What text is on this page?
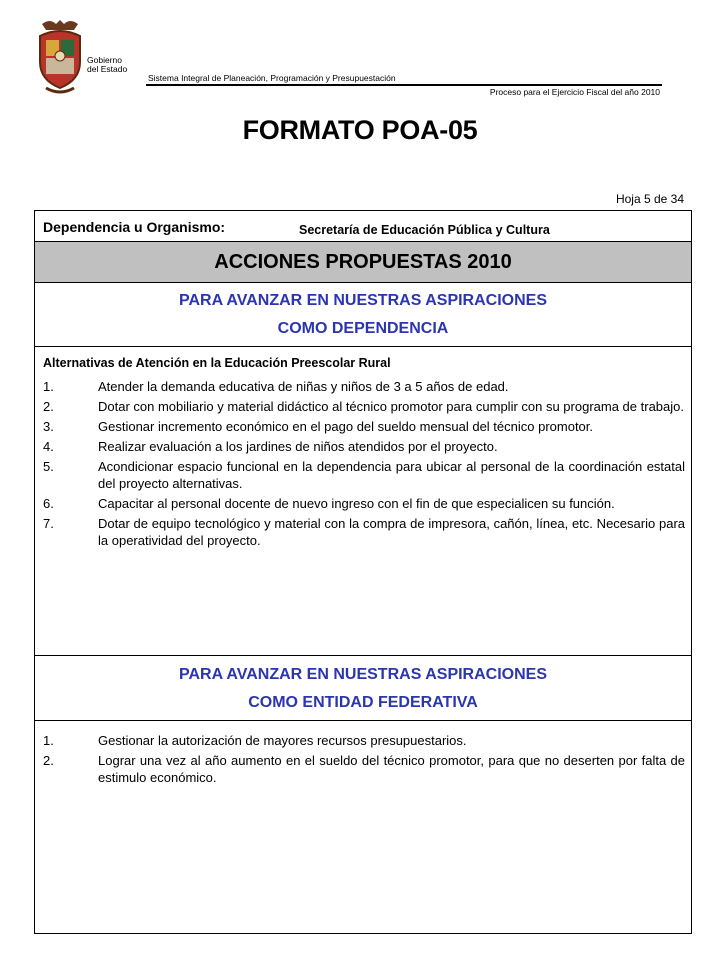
Gobierno
del Estado
Sistema Integral de Planeación, Programación y Presupuestación
Proceso para el Ejercicio Fiscal del año 2010
FORMATO POA-05
Hoja 5 de 34
Dependencia u Organismo:	Secretaría de Educación Pública y Cultura
ACCIONES PROPUESTAS 2010
PARA AVANZAR EN NUESTRAS ASPIRACIONES
COMO DEPENDENCIA
Alternativas de Atención en la Educación Preescolar Rural
1.	Atender la demanda educativa de niñas y niños de 3 a 5 años de edad.
2.	Dotar con mobiliario y material didáctico al técnico promotor para cumplir con su programa de trabajo.
3.	Gestionar incremento económico en el pago del sueldo mensual del técnico promotor.
4.	Realizar evaluación a los jardines de niños atendidos por el proyecto.
5.	Acondicionar espacio funcional en la dependencia para ubicar al personal de la coordinación estatal del proyecto alternativas.
6.	Capacitar al personal docente de nuevo ingreso con el fin de que especialicen su función.
7.	Dotar de equipo tecnológico y material con la compra de impresora, cañón, línea, etc. Necesario para la operatividad del proyecto.
PARA AVANZAR EN NUESTRAS ASPIRACIONES
COMO ENTIDAD FEDERATIVA
1.	Gestionar la autorización de mayores recursos presupuestarios.
2.	Lograr una vez al año aumento en el sueldo del técnico promotor, para que no deserten por falta de estimulo económico.
